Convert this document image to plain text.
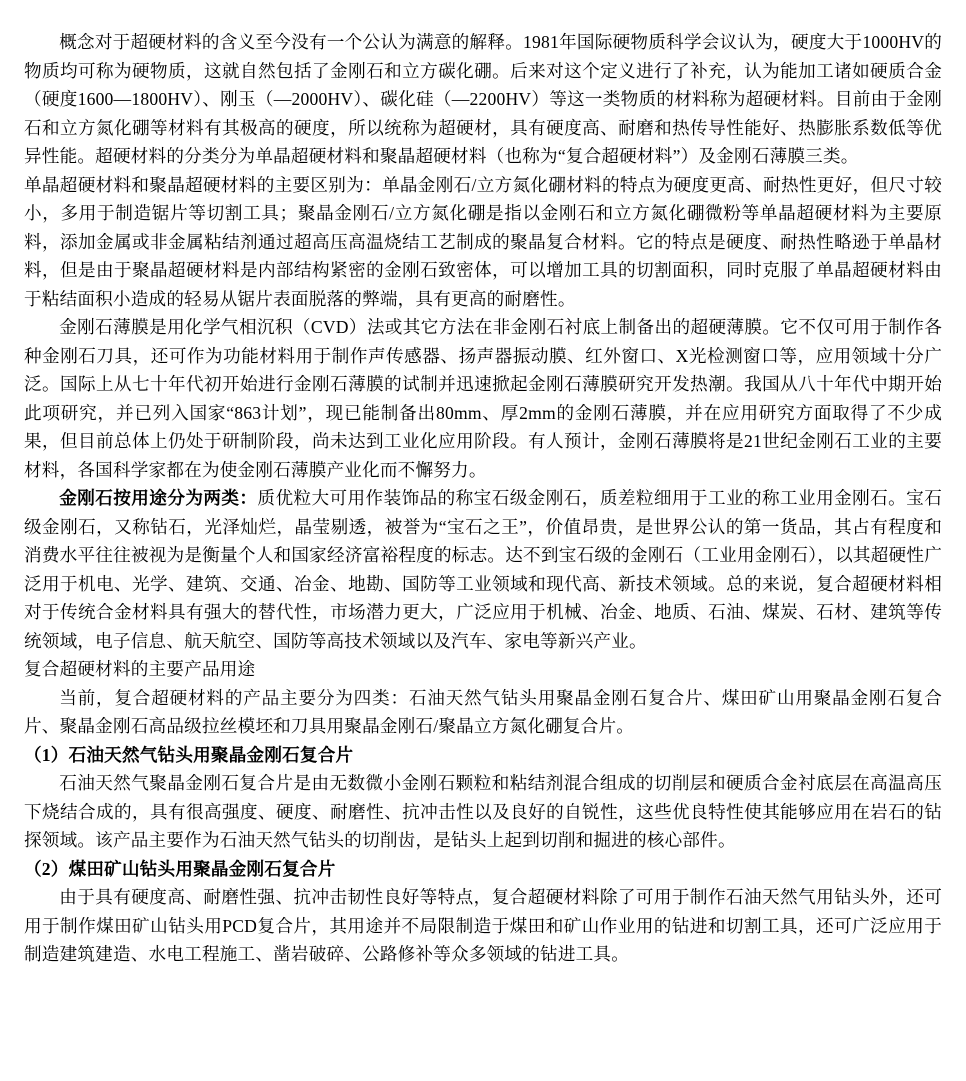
概念对于超硬材料的含义至今没有一个公认为满意的解释。1981年国际硬物质科学会议认为，硬度大于1000HV的物质均可称为硬物质，这就自然包括了金刚石和立方碳化硼。后来对这个定义进行了补充，认为能加工诸如硬质合金（硬度1600—1800HV）、刚玉（—2000HV）、碳化硅（—2200HV）等这一类物质的材料称为超硬材料。目前由于金刚石和立方氮化硼等材料有其极高的硬度，所以统称为超硬材，具有硬度高、耐磨和热传导性能好、热膨胀系数低等优异性能。超硬材料的分类分为单晶超硬材料和聚晶超硬材料（也称为“复合超硬材料”）及金刚石薄膜三类。

单晶超硬材料和聚晶超硬材料的主要区别为：单晶金刚石/立方氮化硼材料的特点为硬度更高、耐热性更好，但尺寸较小，多用于制造锯片等切割工具；聚晶金刚石/立方氮化硼是指以金刚石和立方氮化硼微粉等单晶超硬材料为主要原料，添加金属或非金属粘结剂通过超高压高温烧结工艺制成的聚晶复合材料。它的特点是硬度、耐热性略逊于单晶材料，但是由于聚晶超硬材料是内部结构紧密的金刚石致密体，可以增加工具的切割面积，同时克服了单晶超硬材料由于粘结面积小造成的轻易从锯片表面脱落的弊端，具有更高的耐磨性。

金刚石薄膜是用化学气相沉积（CVD）法或其它方法在非金刚石衬底上制备出的超硬薄膜。它不仅可用于制作各种金刚石刀具，还可作为功能材料用于制作声传感器、扬声器振动膜、红外窗口、X光检测窗口等，应用领域十分广泛。国际上从七十年代初开始进行金刚石薄膜的试制并迅速掀起金刚石薄膜研究开发热潮。我国从八十年代中期开始此项研究，并已列入国家“863计划”，现已能制备出80mm、厚2mm的金刚石薄膜，并在应用研究方面取得了不少成果，但目前总体上仍处于研制阶段，尚未达到工业化应用阶段。有人预计，金刚石薄膜将是21世纪金刚石工业的主要材料，各国科学家都在为使金刚石薄膜产业化而不懈努力。

金刚石按用途分为两类：质优粒大可用作装饰品的称宝石级金刚石，质差粒细用于工业的称工业用金刚石。宝石级金刚石，又称钻石，光泽灿烂，晶莹剔透，被誉为“宝石之王”，价值昂贵，是世界公认的第一货品，其占有程度和消费水平往往被视为是衡量个人和国家经济富裕程度的标志。达不到宝石级的金刚石（工业用金刚石），以其超硬性广泛用于机电、光学、建筑、交通、冶金、地勘、国防等工业领域和现代高、新技术领域。总的来说，复合超硬材料相对于传统合金材料具有强大的替代性，市场潜力更大，广泛应用于机械、冶金、地质、石油、煤炭、石材、建筑等传统领域，电子信息、航天航空、国防等高技术领域以及汽车、家电等新兴产业。

复合超硬材料的主要产品用途

当前，复合超硬材料的产品主要分为四类：石油天然气钻头用聚晶金刚石复合片、煤田矿山用聚晶金刚石复合片、聚晶金刚石高品级拉丝模坯和刀具用聚晶金刚石/聚晶立方氮化硼复合片。

（1）石油天然气钻头用聚晶金刚石复合片

石油天然气聚晶金刚石复合片是由无数微小金刚石颗粒和粘结剂混合组成的切削层和硬质合金衬底层在高温高压下烧结合成的，具有很高强度、硬度、耐磨性、抗冲击性以及良好的自锐性，这些优良特性使其能够应用在岩石的钻探领域。该产品主要作为石油天然气钻头的切削齿，是钻头上起到切削和掘进的核心部件。

（2）煤田矿山钻头用聚晶金刚石复合片

由于具有硬度高、耐磨性强、抗冲击韧性良好等特点，复合超硬材料除了可用于制作石油天然气用钻头外，还可用于制作煤田矿山钻头用PCD复合片，其用途并不局限制造于煤田和矿山作业用的钻进和切割工具，还可广泛应用于制造建筑建造、水电工程施工、凿岩破碎、公路修补等众多领域的钻进工具。
